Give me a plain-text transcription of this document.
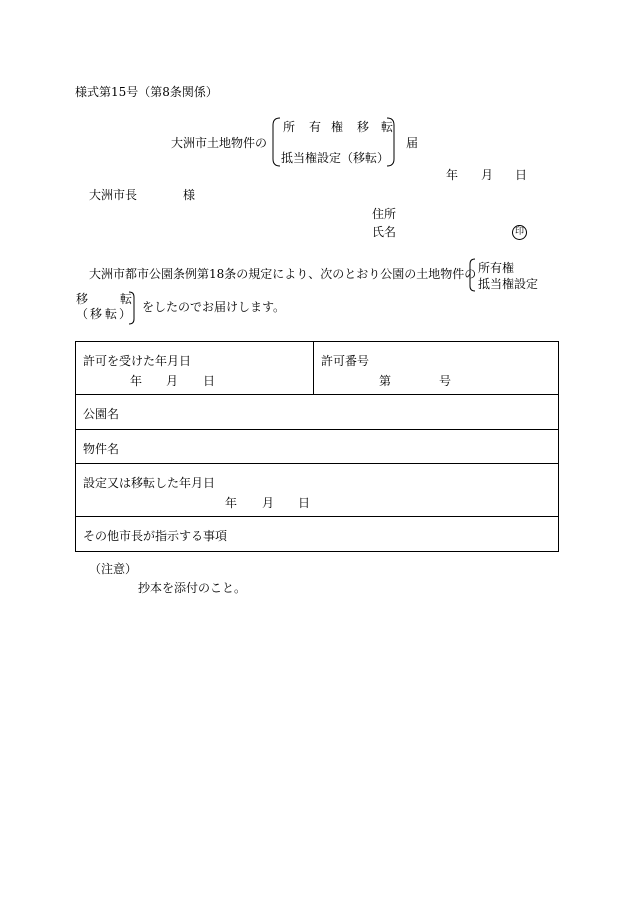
様式第15号（第8条関係）
大洲市土地物件の
所 有 権 移 転
抵当権設定（移転）
届
年 月 日
大洲市長	様
住所
氏名	印
大洲市都市公園条例第18条の規定により、次のとおり公園の土地物件の 所有権
抵当権設定
移	転
（ 移 転 ） をしたのでお届けします。
許可を受けた年月日
年 月 日

許可番号
第	号

公園名

物件名

設定又は移転した年月日
年 月 日

その他市長が指示する事項
（注意）
抄本を添付のこと。
